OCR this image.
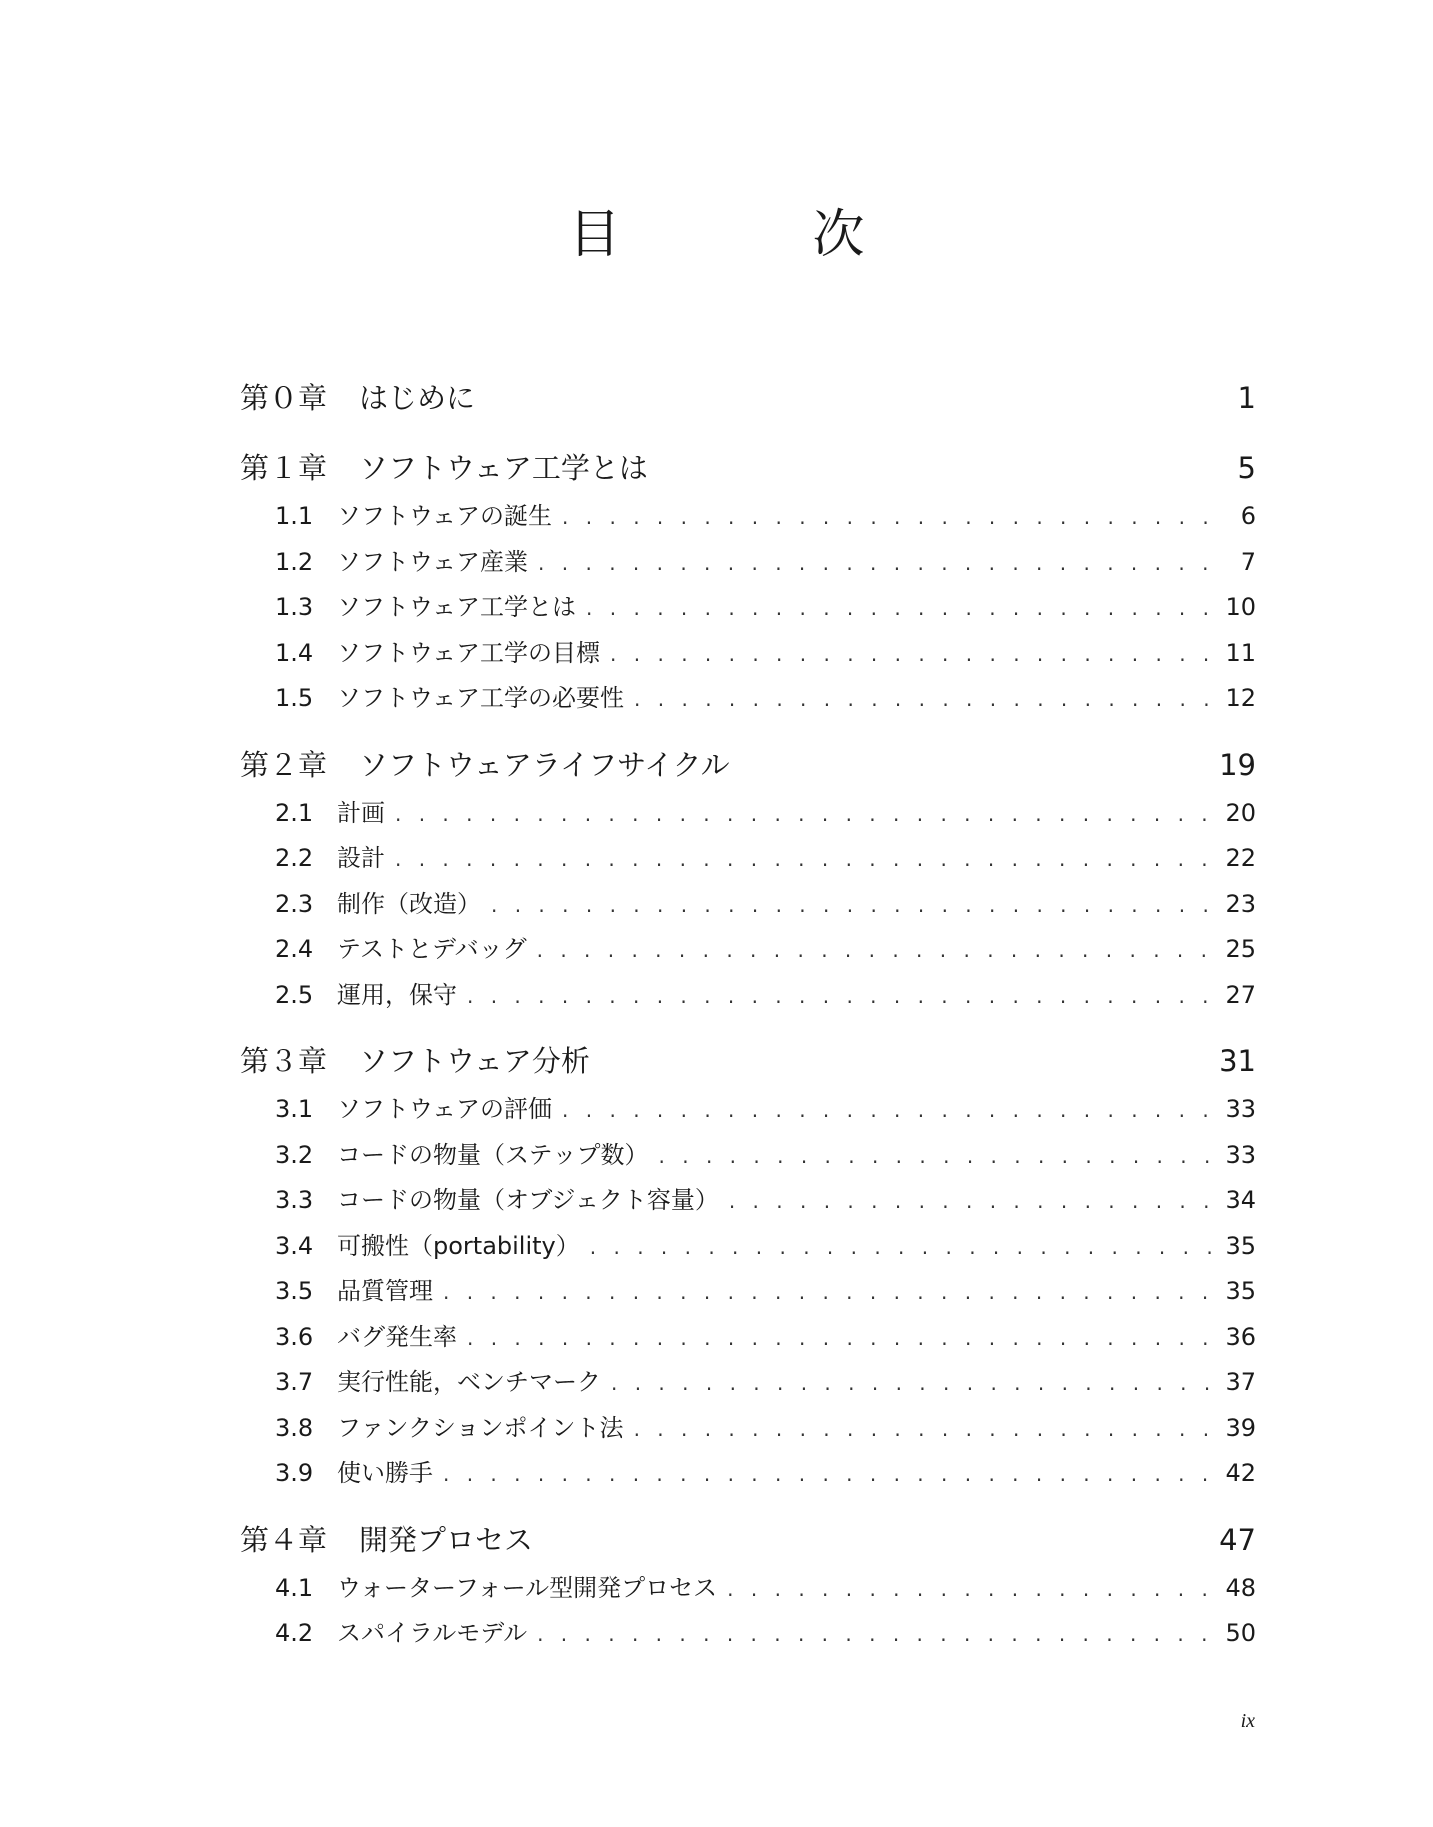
目　次
第０章	はじめに	1
第１章	ソフトウェア工学とは	5
1.1 ソフトウェアの誕生 . . .	6
1.2 ソフトウェア産業 . . .	7
1.3 ソフトウェア工学とは . . .	10
1.4 ソフトウェア工学の目標 . . .	11
1.5 ソフトウェア工学の必要性 . . .	12
第２章	ソフトウェアライフサイクル	19
2.1 計画 . . .	20
2.2 設計 . . .	22
2.3 制作（改造） . . .	23
2.4 テストとデバッグ . . .	25
2.5 運用，保守 . . .	27
第３章	ソフトウェア分析	31
3.1 ソフトウェアの評価 . . .	33
3.2 コードの物量（ステップ数） . . .	33
3.3 コードの物量（オブジェクト容量） . . .	34
3.4 可搬性（portability） . . .	35
3.5 品質管理 . . .	35
3.6 バグ発生率 . . .	36
3.7 実行性能，ベンチマーク . . .	37
3.8 ファンクションポイント法 . . .	39
3.9 使い勝手 . . .	42
第４章	開発プロセス	47
4.1 ウォーターフォール型開発プロセス . . .	48
4.2 スパイラルモデル . . .	50
ix
